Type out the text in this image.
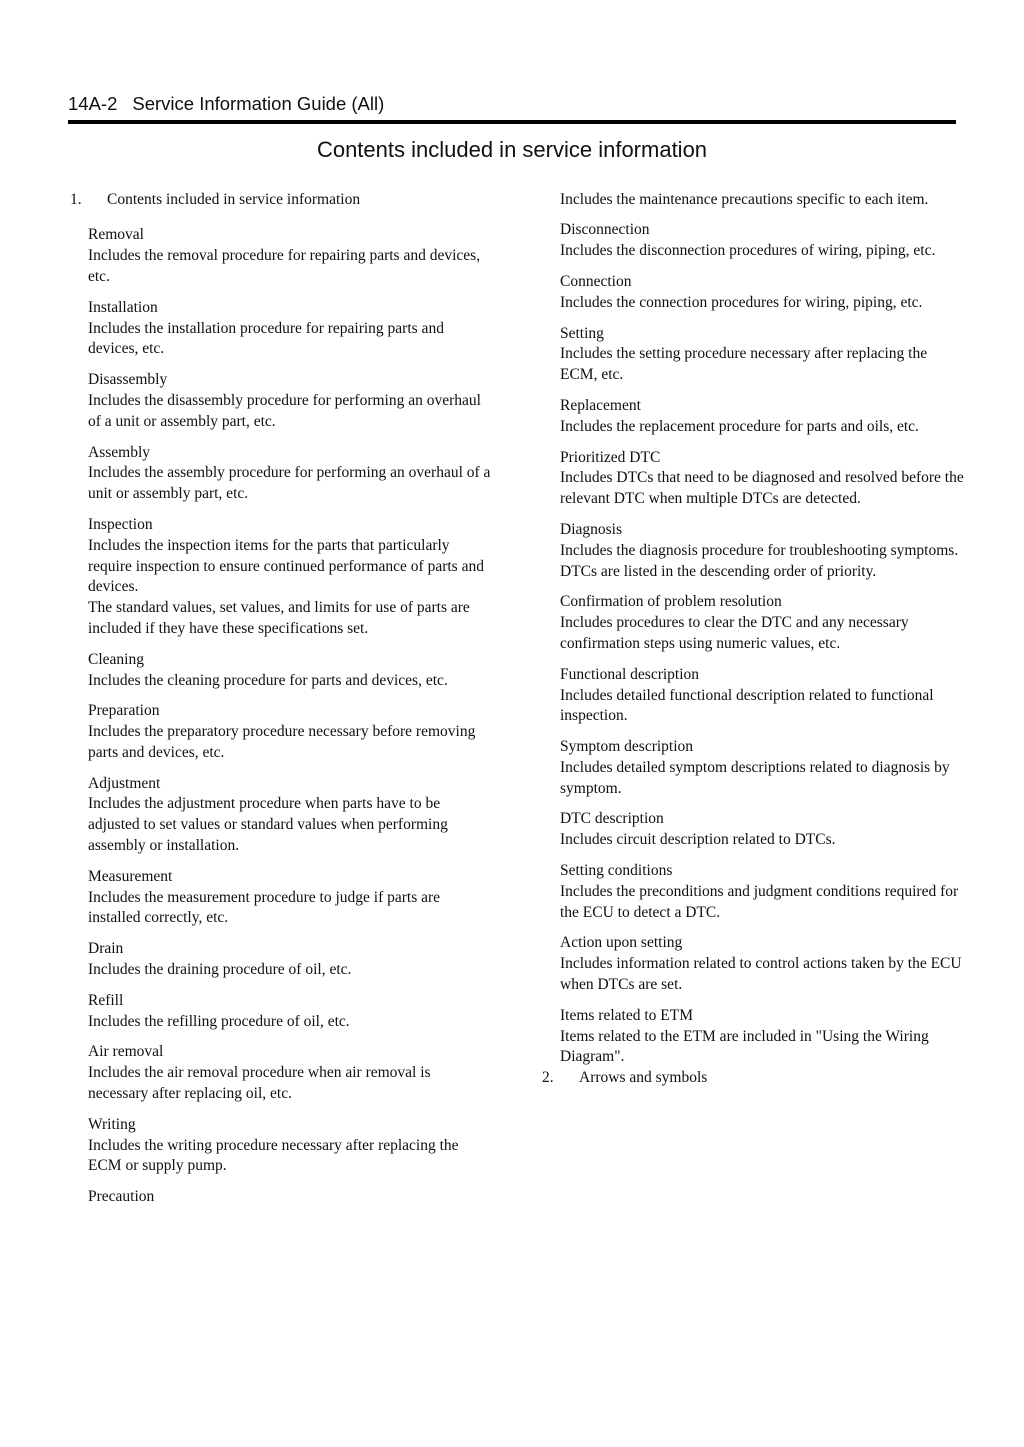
14A-2 Service Information Guide (All)
Contents included in service information
1.	Contents included in service information
Removal
Includes the removal procedure for repairing parts and devices, etc.
Installation
Includes the installation procedure for repairing parts and devices, etc.
Disassembly
Includes the disassembly procedure for performing an overhaul of a unit or assembly part, etc.
Assembly
Includes the assembly procedure for performing an overhaul of a unit or assembly part, etc.
Inspection
Includes the inspection items for the parts that particularly require inspection to ensure continued performance of parts and devices.
The standard values, set values, and limits for use of parts are included if they have these specifications set.
Cleaning
Includes the cleaning procedure for parts and devices, etc.
Preparation
Includes the preparatory procedure necessary before removing parts and devices, etc.
Adjustment
Includes the adjustment procedure when parts have to be adjusted to set values or standard values when performing assembly or installation.
Measurement
Includes the measurement procedure to judge if parts are installed correctly, etc.
Drain
Includes the draining procedure of oil, etc.
Refill
Includes the refilling procedure of oil, etc.
Air removal
Includes the air removal procedure when air removal is necessary after replacing oil, etc.
Writing
Includes the writing procedure necessary after replacing the ECM or supply pump.
Precaution
Includes the maintenance precautions specific to each item.
Disconnection
Includes the disconnection procedures of wiring, piping, etc.
Connection
Includes the connection procedures for wiring, piping, etc.
Setting
Includes the setting procedure necessary after replacing the ECM, etc.
Replacement
Includes the replacement procedure for parts and oils, etc.
Prioritized DTC
Includes DTCs that need to be diagnosed and resolved before the relevant DTC when multiple DTCs are detected.
Diagnosis
Includes the diagnosis procedure for troubleshooting symptoms.
DTCs are listed in the descending order of priority.
Confirmation of problem resolution
Includes procedures to clear the DTC and any necessary confirmation steps using numeric values, etc.
Functional description
Includes detailed functional description related to functional inspection.
Symptom description
Includes detailed symptom descriptions related to diagnosis by symptom.
DTC description
Includes circuit description related to DTCs.
Setting conditions
Includes the preconditions and judgment conditions required for the ECU to detect a DTC.
Action upon setting
Includes information related to control actions taken by the ECU when DTCs are set.
Items related to ETM
Items related to the ETM are included in "Using the Wiring Diagram".
2.	Arrows and symbols
